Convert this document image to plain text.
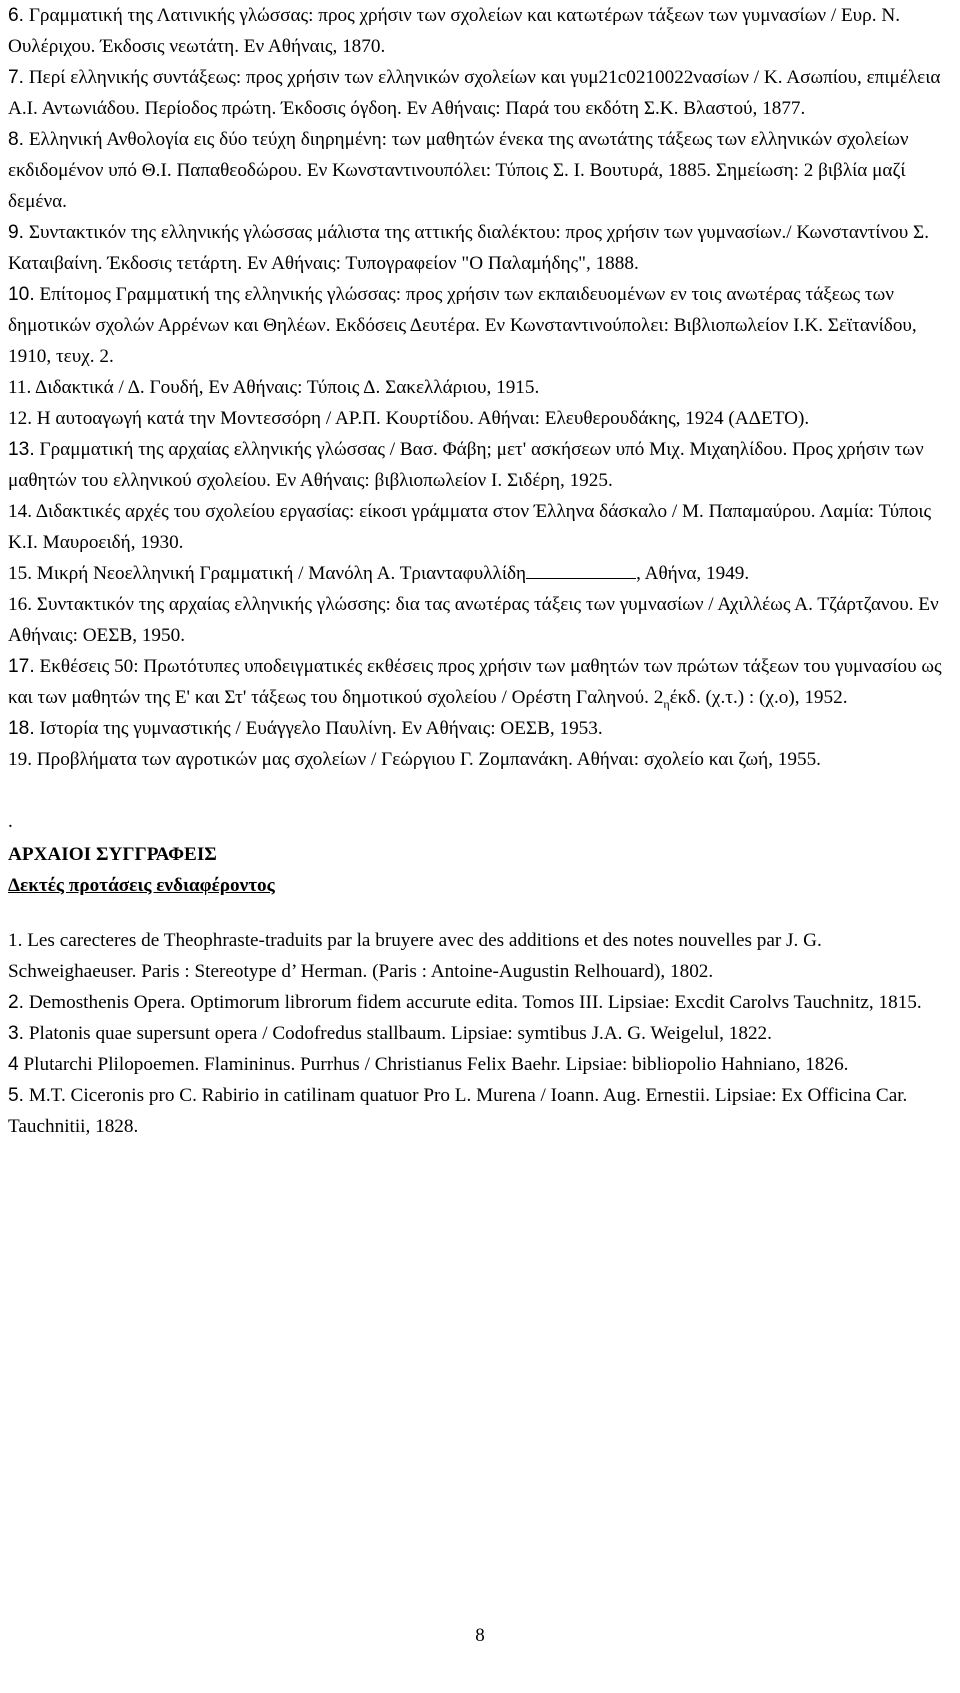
6. Γραμματική της Λατινικής γλώσσας: προς χρήσιν των σχολείων και κατωτέρων τάξεων των γυμνασίων / Ευρ. Ν. Ουλέριχου. Έκδοσις νεωτάτη. Εν Αθήναις, 1870.

7. Περί ελληνικής συντάξεως: προς χρήσιν των ελληνικών σχολείων και γυμ21c0210022νασίων / Κ. Ασωπίου, επιμέλεια Α.Ι. Αντωνιάδου. Περίοδος πρώτη. Έκδοσις όγδοη. Εν Αθήναις: Παρά του εκδότη Σ.Κ. Βλαστού, 1877.

8. Ελληνική Ανθολογία εις δύο τεύχη διηρημένη: των μαθητών ένεκα της ανωτάτης τάξεως των ελληνικών σχολείων εκδιδομένον υπό Θ.Ι. Παπαθεοδώρου. Εν Κωνσταντινουπόλει: Τύποις Σ. Ι. Βουτυρά, 1885. Σημείωση: 2 βιβλία μαζί δεμένα.

9. Συντακτικόν της ελληνικής γλώσσας μάλιστα της αττικής διαλέκτου: προς χρήσιν των γυμνασίων./ Κωνσταντίνου Σ. Καταιβαίνη. Έκδοσις τετάρτη. Εν Αθήναις: Τυπογραφείον "Ο Παλαμήδης", 1888.

10. Επίτομος Γραμματική της ελληνικής γλώσσας: προς χρήσιν των εκπαιδευομένων εν τοις ανωτέρας τάξεως των δημοτικών σχολών Αρρένων και Θηλέων. Εκδόσεις Δευτέρα. Εν Κωνσταντινούπολει: Βιβλιοπωλείον Ι.Κ. Σεϊτανίδου, 1910, τευχ. 2.

11. Διδακτικά / Δ. Γουδή, Εν Αθήναις: Τύποις Δ. Σακελλάριου, 1915.

12. Η αυτοαγωγή κατά την Μοντεσσόρη / ΑΡ.Π. Κουρτίδου. Αθήναι: Ελευθερουδάκης, 1924 (ΑΔΕΤΟ).

13. Γραμματική της αρχαίας ελληνικής γλώσσας / Βασ. Φάβη; μετ' ασκήσεων υπό Μιχ. Μιχαηλίδου. Προς χρήσιν των μαθητών του ελληνικού σχολείου. Εν Αθήναις: βιβλιοπωλείον Ι. Σιδέρη, 1925.

14. Διδακτικές αρχές του σχολείου εργασίας: είκοσι γράμματα στον Έλληνα δάσκαλο / Μ. Παπαμαύρου. Λαμία: Τύποις Κ.Ι. Μαυροειδή, 1930.

15. Μικρή Νεοελληνική Γραμματική / Μανόλη Α. Τριανταφυλλίδη	, Αθήνα, 1949.

16. Συντακτικόν της αρχαίας ελληνικής γλώσσης: δια τας ανωτέρας τάξεις των γυμνασίων / Αχιλλέως Α. Τζάρτζανου. Εν Αθήναις: ΟΕΣΒ, 1950.

17. Εκθέσεις 50: Πρωτότυπες υποδειγματικές εκθέσεις προς χρήσιν των μαθητών των πρώτων τάξεων του γυμνασίου ως και των μαθητών της Ε' και Στ' τάξεως του δημοτικού σχολείου / Ορέστη Γαληνού. $2_\eta έ\kappa\delta$. (χ.τ.) : (χ.ο), 1952.

18. Ιστορία της γυμναστικής / Ευάγγελο Παυλίνη. Εν Αθήναις: ΟΕΣΒ, 1953.

19. Προβλήματα των αγροτικών μας σχολείων / Γεώργιου Γ. Ζομπανάκη. Αθήναι: σχολείο και ζωή, 1955.

.

ΑΡΧΑΙΟΙ ΣΥΓΓΡΑΦΕΙΣ

Δεκτές προτάσεις ενδιαφέροντος

1. Les carecteres de Theophraste-traduits par la bruyere avec des additions et des notes nouvelles par J. G. Schweighaeuser. Paris : Stereotype d’ Herman. (Paris : Antoine-Augustin Relhouard), 1802.

2. Demosthenis Opera. Optimorum librorum fidem accurute edita. Tomos III. Lipsiae: Excdit Carolvs Tauchnitz, 1815.

3. Platonis quae supersunt opera / Codofredus stallbaum. Lipsiae: symtibus J.A. G. Weigelul, 1822.

4 Plutarchi Plilopoemen. Flamininus. Purrhus / Christianus Felix Baehr. Lipsiae: bibliopolio Hahniano, 1826.

5. M.T. Ciceronis pro C. Rabirio in catilinam quatuor Pro L. Murena / Ioann. Aug. Ernestii. Lipsiae: Ex Officina Car. Tauchnitii, 1828.

8
